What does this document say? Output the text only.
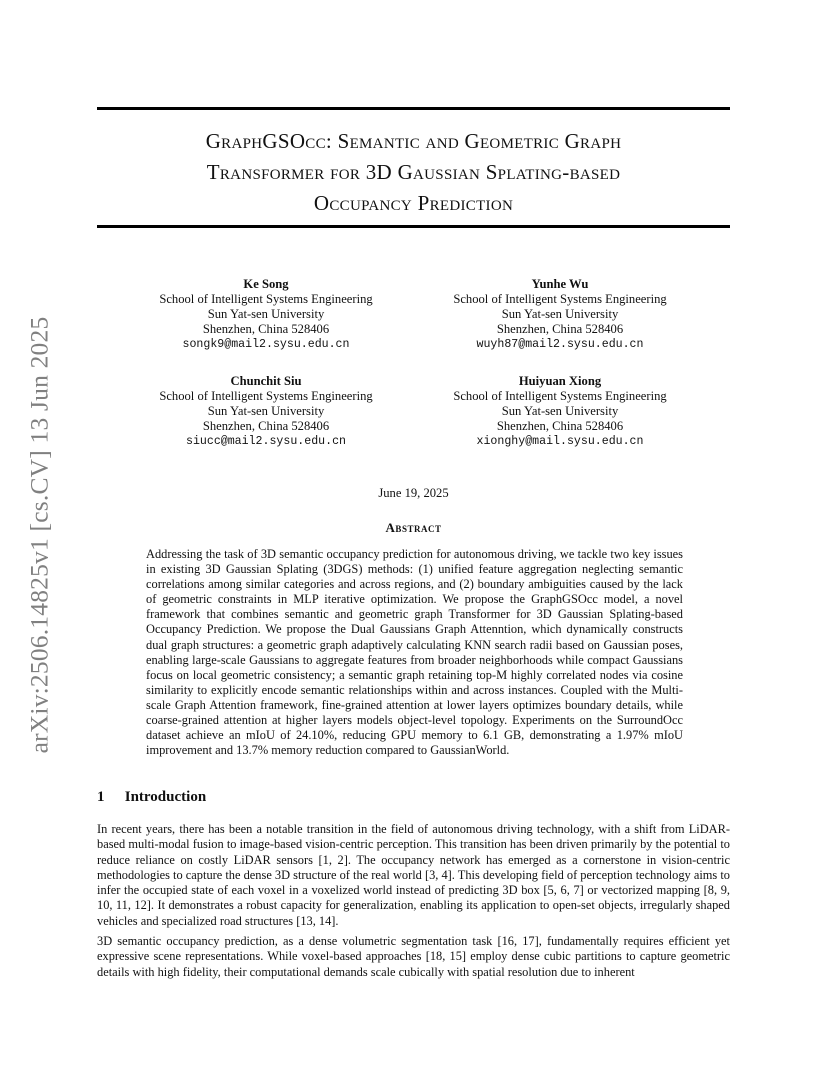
arXiv:2506.14825v1 [cs.CV] 13 Jun 2025
GraphGSOcc: Semantic and Geometric Graph
Transformer for 3D Gaussian Splating-based
Occupancy Prediction
Ke Song
School of Intelligent Systems Engineering
Sun Yat-sen University
Shenzhen, China 528406
songk9@mail2.sysu.edu.cn
Yunhe Wu
School of Intelligent Systems Engineering
Sun Yat-sen University
Shenzhen, China 528406
wuyh87@mail2.sysu.edu.cn
Chunchit Siu
School of Intelligent Systems Engineering
Sun Yat-sen University
Shenzhen, China 528406
siucc@mail2.sysu.edu.cn
Huiyuan Xiong
School of Intelligent Systems Engineering
Sun Yat-sen University
Shenzhen, China 528406
xionghy@mail.sysu.edu.cn
June 19, 2025
Abstract

Addressing the task of 3D semantic occupancy prediction for autonomous driving, we tackle two key issues in existing 3D Gaussian Splating (3DGS) methods: (1) unified feature aggregation neglecting semantic correlations among similar categories and across regions, and (2) boundary ambiguities caused by the lack of geometric constraints in MLP iterative optimization. We propose the GraphGSOcc model, a novel framework that combines semantic and geometric graph Transformer for 3D Gaussian Splating-based Occupancy Prediction. We propose the Dual Gaussians Graph Attenntion, which dynamically constructs dual graph structures: a geometric graph adaptively calculating KNN search radii based on Gaussian poses, enabling large-scale Gaussians to aggregate features from broader neighborhoods while compact Gaussians focus on local geometric consistency; a semantic graph retaining top-M highly correlated nodes via cosine similarity to explicitly encode semantic relationships within and across instances. Coupled with the Multi-scale Graph Attention framework, fine-grained attention at lower layers optimizes boundary details, while coarse-grained attention at higher layers models object-level topology. Experiments on the SurroundOcc dataset achieve an mIoU of 24.10%, reducing GPU memory to 6.1 GB, demonstrating a 1.97% mIoU improvement and 13.7% memory reduction compared to GaussianWorld.

1 Introduction

In recent years, there has been a notable transition in the field of autonomous driving technology, with a shift from LiDAR-based multi-modal fusion to image-based vision-centric perception. This transition has been driven primarily by the potential to reduce reliance on costly LiDAR sensors [1, 2]. The occupancy network has emerged as a cornerstone in vision-centric methodologies to capture the dense 3D structure of the real world [3, 4]. This developing field of perception technology aims to infer the occupied state of each voxel in a voxelized world instead of predicting 3D box [5, 6, 7] or vectorized mapping [8, 9, 10, 11, 12]. It demonstrates a robust capacity for generalization, enabling its application to open-set objects, irregularly shaped vehicles and specialized road structures [13, 14].

3D semantic occupancy prediction, as a dense volumetric segmentation task [16, 17], fundamentally requires efficient yet expressive scene representations. While voxel-based approaches [18, 15] employ dense cubic partitions to capture geometric details with high fidelity, their computational demands scale cubically with spatial resolution due to inherent
